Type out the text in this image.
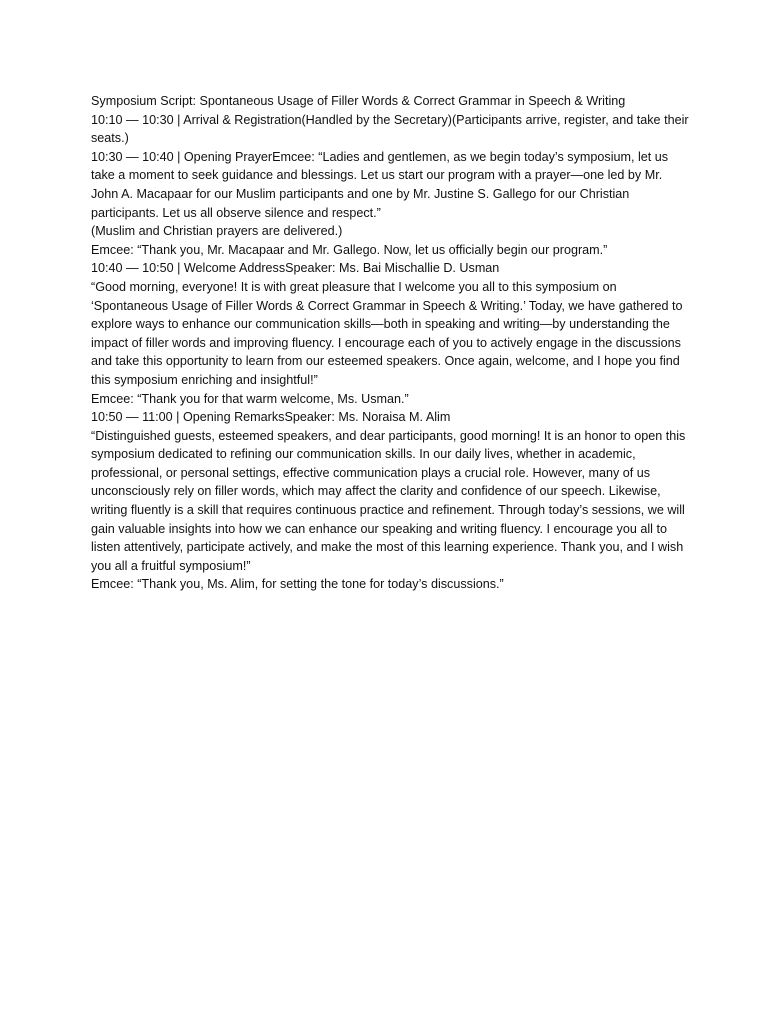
Symposium Script: Spontaneous Usage of Filler Words & Correct Grammar in Speech & Writing

10:10 — 10:30 | Arrival & Registration(Handled by the Secretary)(Participants arrive, register, and take their seats.)

10:30 — 10:40 | Opening PrayerEmcee: “Ladies and gentlemen, as we begin today’s symposium, let us take a moment to seek guidance and blessings. Let us start our program with a prayer—one led by Mr. John A. Macapaar for our Muslim participants and one by Mr. Justine S. Gallego for our Christian participants. Let us all observe silence and respect.”

(Muslim and Christian prayers are delivered.)

Emcee: “Thank you, Mr. Macapaar and Mr. Gallego. Now, let us officially begin our program.”

10:40 — 10:50 | Welcome AddressSpeaker: Ms. Bai Mischallie D. Usman

“Good morning, everyone! It is with great pleasure that I welcome you all to this symposium on ‘Spontaneous Usage of Filler Words & Correct Grammar in Speech & Writing.’ Today, we have gathered to explore ways to enhance our communication skills—both in speaking and writing—by understanding the impact of filler words and improving fluency. I encourage each of you to actively engage in the discussions and take this opportunity to learn from our esteemed speakers. Once again, welcome, and I hope you find this symposium enriching and insightful!”

Emcee: “Thank you for that warm welcome, Ms. Usman.”

10:50 — 11:00 | Opening RemarksSpeaker: Ms. Noraisa M. Alim

“Distinguished guests, esteemed speakers, and dear participants, good morning! It is an honor to open this symposium dedicated to refining our communication skills. In our daily lives, whether in academic, professional, or personal settings, effective communication plays a crucial role. However, many of us unconsciously rely on filler words, which may affect the clarity and confidence of our speech. Likewise, writing fluently is a skill that requires continuous practice and refinement. Through today’s sessions, we will gain valuable insights into how we can enhance our speaking and writing fluency. I encourage you all to listen attentively, participate actively, and make the most of this learning experience. Thank you, and I wish you all a fruitful symposium!”

Emcee: “Thank you, Ms. Alim, for setting the tone for today’s discussions.”
